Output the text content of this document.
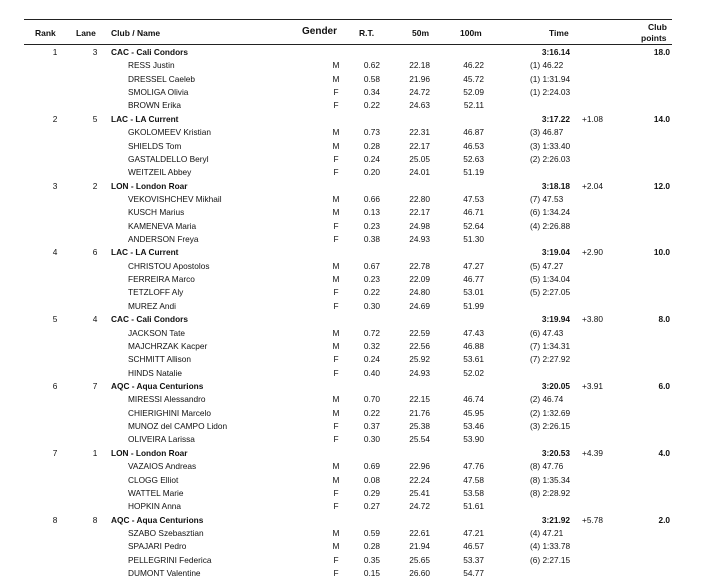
Rank Lane Club / Name	Gender	R.T.	50m	100m	Time
Club
points
1	3	CAC - Cali Condors	3:16.14	18.0
RESS Justin	M	0.62	22.18	46.22	(1) 46.22
DRESSEL Caeleb	M	0.58	21.96	45.72	(1) 1:31.94
SMOLIGA Olivia	F	0.34	24.72	52.09	(1) 2:24.03
BROWN Erika	F	0.22	24.63	52.11
2	5	LAC - LA Current	3:17.22 +1.08	14.0
GKOLOMEEV Kristian	M	0.73	22.31	46.87	(3) 46.87
SHIELDS Tom	M	0.28	22.17	46.53	(3) 1:33.40
GASTALDELLO Beryl	F	0.24	25.05	52.63	(2) 2:26.03
WEITZEIL Abbey	F	0.20	24.01	51.19
3	2	LON - London Roar	3:18.18 +2.04	12.0
VEKOVISHCHEV Mikhail	M	0.66	22.80	47.53	(7) 47.53
KUSCH Marius	M	0.13	22.17	46.71	(6) 1:34.24
KAMENEVA Maria	F	0.23	24.98	52.64	(4) 2:26.88
ANDERSON Freya	F	0.38	24.93	51.30
4	6	LAC - LA Current	3:19.04 +2.90	10.0
CHRISTOU Apostolos	M	0.67	22.78	47.27	(5) 47.27
FERREIRA Marco	M	0.23	22.09	46.77	(5) 1:34.04
TETZLOFF Aly	F	0.22	24.80	53.01	(5) 2:27.05
MUREZ Andi	F	0.30	24.69	51.99
5	4	CAC - Cali Condors	3:19.94 +3.80	8.0
JACKSON Tate	M	0.72	22.59	47.43	(6) 47.43
MAJCHRZAK Kacper	M	0.32	22.56	46.88	(7) 1:34.31
SCHMITT Allison	F	0.24	25.92	53.61	(7) 2:27.92
HINDS Natalie	F	0.40	24.93	52.02
6	7	AQC - Aqua Centurions	3:20.05 +3.91	6.0
MIRESSI Alessandro	M	0.70	22.15	46.74	(2) 46.74
CHIERIGHINI Marcelo	M	0.22	21.76	45.95	(2) 1:32.69
MUNOZ del CAMPO Lidon	F	0.37	25.38	53.46	(3) 2:26.15
OLIVEIRA Larissa	F	0.30	25.54	53.90
7	1	LON - London Roar	3:20.53 +4.39	4.0
VAZAIOS Andreas	M	0.69	22.96	47.76	(8) 47.76
CLOGG Elliot	M	0.08	22.24	47.58	(8) 1:35.34
WATTEL Marie	F	0.29	25.41	53.58	(8) 2:28.92
HOPKIN Anna	F	0.27	24.72	51.61
8	8	AQC - Aqua Centurions	3:21.92 +5.78	2.0
SZABO Szebasztian	M	0.59	22.61	47.21	(4) 47.21
SPAJARI Pedro	M	0.28	21.94	46.57	(4) 1:33.78
PELLEGRINI Federica	F	0.35	25.65	53.37	(6) 2:27.15
DUMONT Valentine	F	0.15	26.60	54.77
